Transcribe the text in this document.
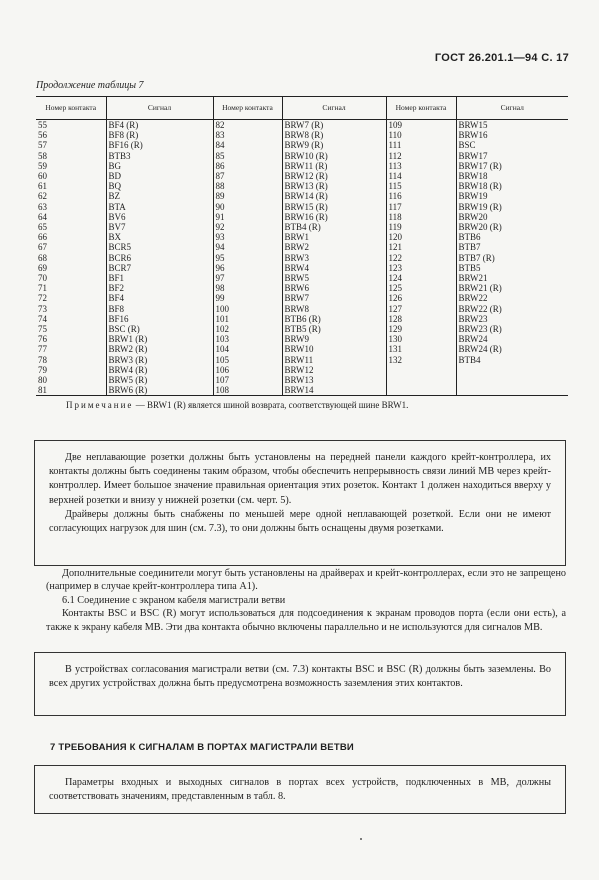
ГОСТ 26.201.1—94 С. 17
Продолжение таблицы 7
Номер контакта	Сигнал	Номер контакта	Сигнал	Номер контакта	Сигнал
55	BF4 (R)	82	BRW7 (R)	109	BRW15
56	BF8 (R)	83	BRW8 (R)	110	BRW16
57	BF16 (R)	84	BRW9 (R)	111	BSC
58	BTB3	85	BRW10 (R)	112	BRW17
59	BG	86	BRW11 (R)	113	BRW17 (R)
60	BD	87	BRW12 (R)	114	BRW18
61	BQ	88	BRW13 (R)	115	BRW18 (R)
62	BZ	89	BRW14 (R)	116	BRW19
63	BTA	90	BRW15 (R)	117	BRW19 (R)
64	BV6	91	BRW16 (R)	118	BRW20
65	BV7	92	BTB4 (R)	119	BRW20 (R)
66	BX	93	BRW1	120	BTB6
67	BCR5	94	BRW2	121	BTB7
68	BCR6	95	BRW3	122	BTB7 (R)
69	BCR7	96	BRW4	123	BTB5
70	BF1	97	BRW5	124	BRW21
71	BF2	98	BRW6	125	BRW21 (R)
72	BF4	99	BRW7	126	BRW22
73	BF8	100	BRW8	127	BRW22 (R)
74	BF16	101	BTB6 (R)	128	BRW23
75	BSC (R)	102	BTB5 (R)	129	BRW23 (R)
76	BRW1 (R)	103	BRW9	130	BRW24
77	BRW2 (R)	104	BRW10	131	BRW24 (R)
78	BRW3 (R)	105	BRW11	132	BTB4
79	BRW4 (R)	106	BRW12		
80	BRW5 (R)	107	BRW13		
81	BRW6 (R)	108	BRW14		
Примечание — BRW1 (R) является шиной возврата, соответствующей шине BRW1.

Две неплавающие розетки должны быть установлены на передней панели каждого крейт-контроллера, их контакты должны быть соединены таким образом, чтобы обеспечить непрерывность связи линий MB через крейт-контроллер. Имеет большое значение правильная ориентация этих розеток. Контакт 1 должен находиться вверху у верхней розетки и внизу у нижней розетки (см. черт. 5).

Драйверы должны быть снабжены по меньшей мере одной неплавающей розеткой. Если они не имеют согласующих нагрузок для шин (см. 7.3), то они должны быть оснащены двумя розетками.

Дополнительные соединители могут быть установлены на драйверах и крейт-контроллерах, если это не запрещено (например в случае крейт-контроллера типа A1).

6.1 Соединение с экраном кабеля магистрали ветви

Контакты BSC и BSC (R) могут использоваться для подсоединения к экранам проводов порта (если они есть), а также к экрану кабеля MB. Эти два контакта обычно включены параллельно и не используются для сигналов MB.

В устройствах согласования магистрали ветви (см. 7.3) контакты BSC и BSC (R) должны быть заземлены. Во всех других устройствах должна быть предусмотрена возможность заземления этих контактов.

7 ТРЕБОВАНИЯ К СИГНАЛАМ В ПОРТАХ МАГИСТРАЛИ ВЕТВИ

Параметры входных и выходных сигналов в портах всех устройств, подключенных в MB, должны соответствовать значениям, представленным в табл. 8.
